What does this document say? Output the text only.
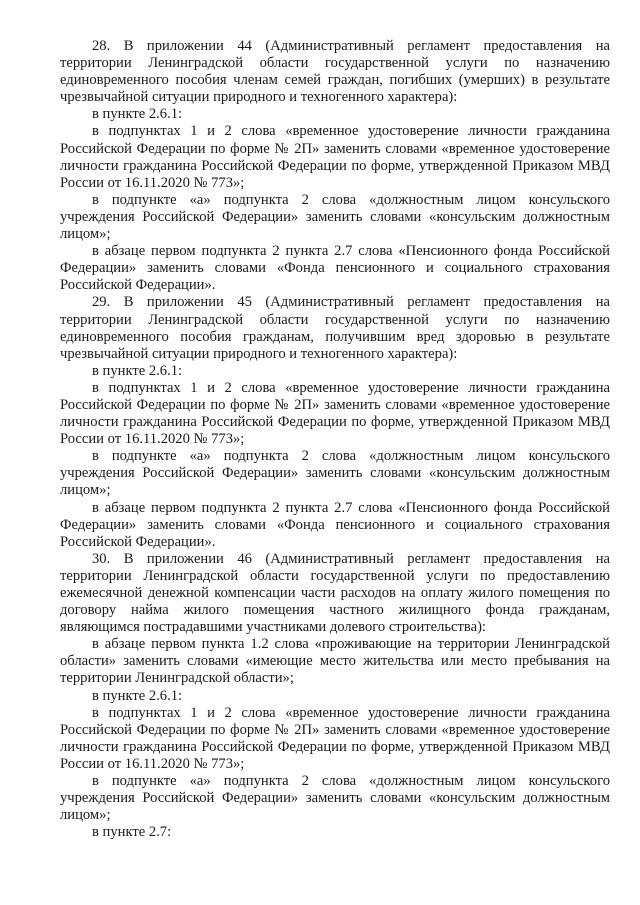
28. В приложении 44 (Административный регламент предоставления на территории Ленинградской области государственной услуги по назначению единовременного пособия членам семей граждан, погибших (умерших) в результате чрезвычайной ситуации природного и техногенного характера):

в пункте 2.6.1:

в подпунктах 1 и 2 слова «временное удостоверение личности гражданина Российской Федерации по форме № 2П» заменить словами «временное удостоверение личности гражданина Российской Федерации по форме, утвержденной Приказом МВД России от 16.11.2020 № 773»;

в подпункте «а» подпункта 2 слова «должностным лицом консульского учреждения Российской Федерации» заменить словами «консульским должностным лицом»;

в абзаце первом подпункта 2 пункта 2.7 слова «Пенсионного фонда Российской Федерации» заменить словами «Фонда пенсионного и социального страхования Российской Федерации».

29. В приложении 45 (Административный регламент предоставления на территории Ленинградской области государственной услуги по назначению единовременного пособия гражданам, получившим вред здоровью в результате чрезвычайной ситуации природного и техногенного характера):

в пункте 2.6.1:

в подпунктах 1 и 2 слова «временное удостоверение личности гражданина Российской Федерации по форме № 2П» заменить словами «временное удостоверение личности гражданина Российской Федерации по форме, утвержденной Приказом МВД России от 16.11.2020 № 773»;

в подпункте «а» подпункта 2 слова «должностным лицом консульского учреждения Российской Федерации» заменить словами «консульским должностным лицом»;

в абзаце первом подпункта 2 пункта 2.7 слова «Пенсионного фонда Российской Федерации» заменить словами «Фонда пенсионного и социального страхования Российской Федерации».

30. В приложении 46 (Административный регламент предоставления на территории Ленинградской области государственной услуги по предоставлению ежемесячной денежной компенсации части расходов на оплату жилого помещения по договору найма жилого помещения частного жилищного фонда гражданам, являющимся пострадавшими участниками долевого строительства):

в абзаце первом пункта 1.2 слова «проживающие на территории Ленинградской области» заменить словами «имеющие место жительства или место пребывания на территории Ленинградской области»;

в пункте 2.6.1:

в подпунктах 1 и 2 слова «временное удостоверение личности гражданина Российской Федерации по форме № 2П» заменить словами «временное удостоверение личности гражданина Российской Федерации по форме, утвержденной Приказом МВД России от 16.11.2020 № 773»;

в подпункте «а» подпункта 2 слова «должностным лицом консульского учреждения Российской Федерации» заменить словами «консульским должностным лицом»;

в пункте 2.7:
